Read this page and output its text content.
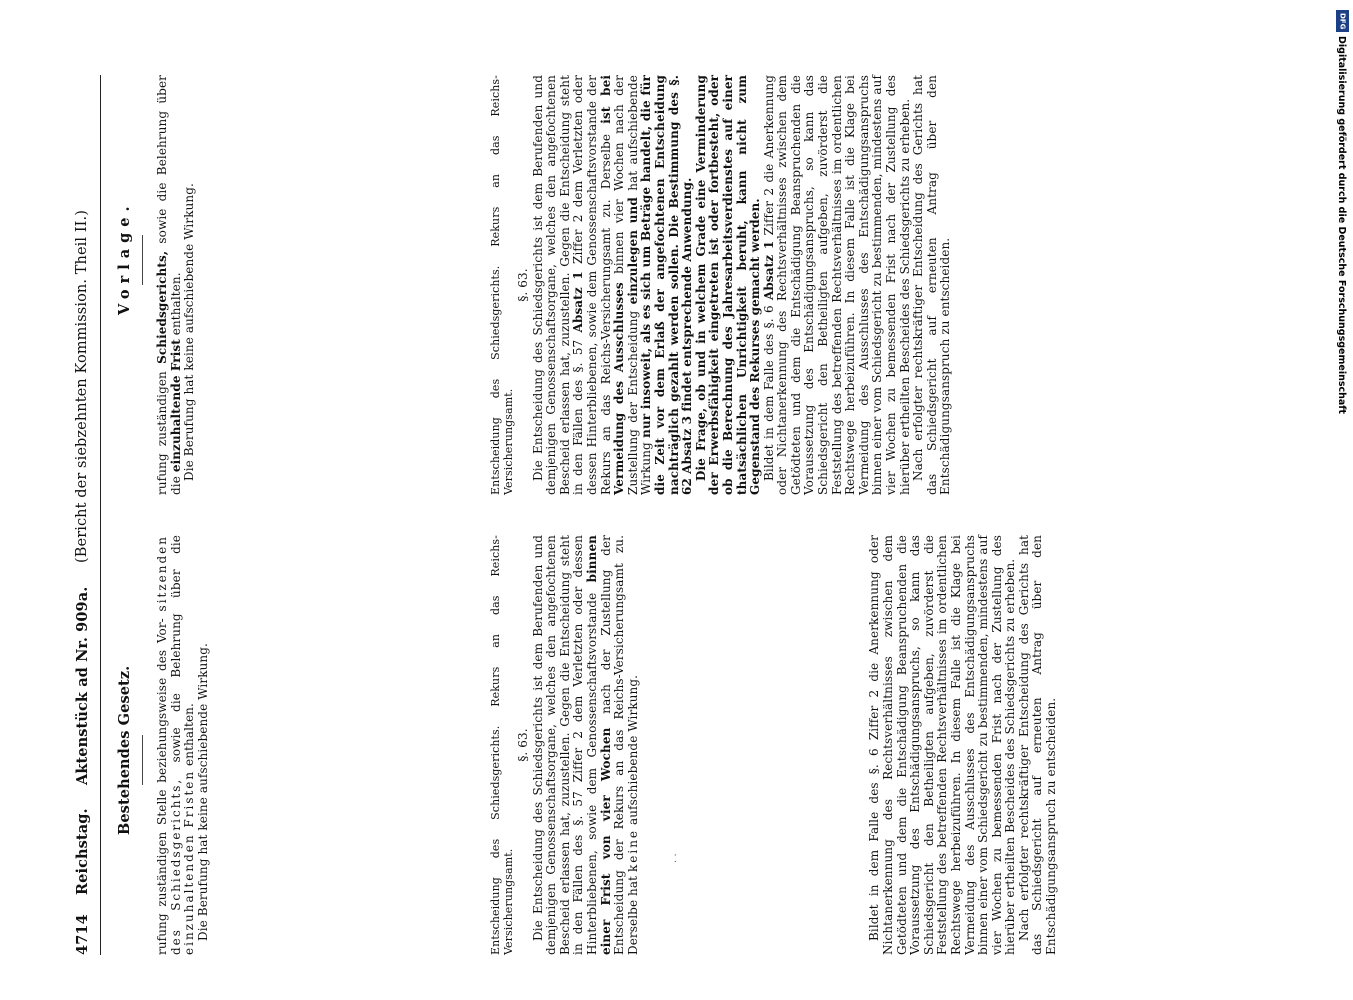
4714
Reichstag.
Aktenstück ad Nr. 909a.
(Bericht der siebzehnten Kommission. Theil II.)
Bestehendes Gesetz.
Vorlage.

rufung zuständigen Stelle beziehungsweise des Vor- sitzenden des Schiedsgerichts, sowie die Belehrung über die einzuhaltenden Fristen enthalten. Die Berufung hat keine aufschiebende Wirkung.

rufung zuständigen Schiedsgerichts, sowie die Belehrung über die einzuhaltende Frist enthalten. Die Berufung hat keine aufschiebende Wirkung.

Entscheidung des Schiedsgerichts. Rekurs an das Reichs-Versicherungsamt.

§. 63. Die Entscheidung des Schiedsgerichts ist dem Berufenden und demjenigen Genossenschaftsorgane, welches den angefochtenen Bescheid erlassen hat, zuzustellen. Gegen die Entscheidung steht in den Fällen des §. 57 Ziffer 2 dem Verletzten oder dessen Hinterbliebenen, sowie dem Genossenschaftsvorstande binnen einer Frist von vier Wochen nach der Zustellung der Entscheidung der Rekurs an das Reichs-Versicherungsamt zu. Derselbe hat keine aufschiebende Wirkung.	Bildet in dem Falle des §. 6 Ziffer 2 die Anerkennung oder Nichtanerkennung des Rechtsverhältnisses zwischen dem Getödteten und dem die Entschädigung Beanspruchenden die Voraussetzung des Entschädigungsanspruchs, so kann das Schiedsgericht den Betheiligten aufgeben, zuvörderst die Feststellung des betreffenden Rechtsverhältnisses im ordentlichen Rechtswege herbeizuführen. In diesem Falle ist die Klage bei Vermeidung des Ausschlusses des Entschädigungsanspruchs binnen einer vom Schiedsgericht zu bestimmenden, mindestens auf vier Wochen zu bemessenden Frist nach der Zustellung des hierüber ertheilten Bescheides des Schiedsgerichts zu erheben. Nach erfolgter rechtskräftiger Entscheidung des Gerichts hat das Schiedsgericht auf erneuten Antrag über den Entschädigungsanspruch zu entscheiden.

Entscheidung des Schiedsgerichts. Rekurs an das Reichs-Versicherungsamt.

§. 63. Die Entscheidung des Schiedsgerichts ist dem Berufenden und demjenigen Genossenschaftsorgane, welches den angefochtenen Bescheid erlassen hat, zuzustellen. Gegen die Entscheidung steht in den Fällen des §. 57 Absatz 1 Ziffer 2 dem Verletzten oder dessen Hinterbliebenen, sowie dem Genossenschaftsvorstande der Rekurs an das Reichs-Versicherungsamt zu. Derselbe ist bei Vermeidung des Ausschlusses binnen vier Wochen nach der Zustellung der Entscheidung einzulegen und hat aufschiebende Wirkung nur insoweit, als es sich um Beträge handelt, die für die Zeit vor dem Erlaß der angefochtenen Entscheidung nachträglich gezahlt werden sollen. Die Bestimmung des §. 62 Absatz 3 findet entsprechende Anwendung. Die Frage, ob und in welchem Grade eine Verminderung der Erwerbsfähigkeit eingetreten ist oder fortbesteht, oder ob die Berechnung des Jahresarbeitsverdienstes auf einer thatsächlichen Unrichtigkeit beruht, kann nicht zum Gegenstand des Rekurses gemacht werden. Bildet in dem Falle des §. 6 Absatz 1 Ziffer 2 die Anerkennung oder Nichtanerkennung des Rechtsverhältnisses zwischen dem Getödteten und dem die Entschädigung Beanspruchenden die Voraussetzung des Entschädigungsanspruchs, so kann das Schiedsgericht den Betheiligten aufgeben, zuvörderst die Feststellung des betreffenden Rechtsverhältnisses im ordentlichen Rechtswege herbeizuführen. In diesem Falle ist die Klage bei Vermeidung des Ausschlusses des Entschädigungsanspruchs binnen einer vom Schiedsgericht zu bestimmenden, mindestens auf vier Wochen zu bemessenden Frist nach der Zustellung des hierüber ertheilten Bescheides des Schiedsgerichts zu erheben. Nach erfolgter rechtskräftiger Entscheidung des Gerichts hat das Schiedsgericht auf erneuten Antrag über den Entschädigungsanspruch zu entscheiden.

· ·
DFG
Digitalisierung gefördert durch die Deutsche Forschungsgemeinschaft
